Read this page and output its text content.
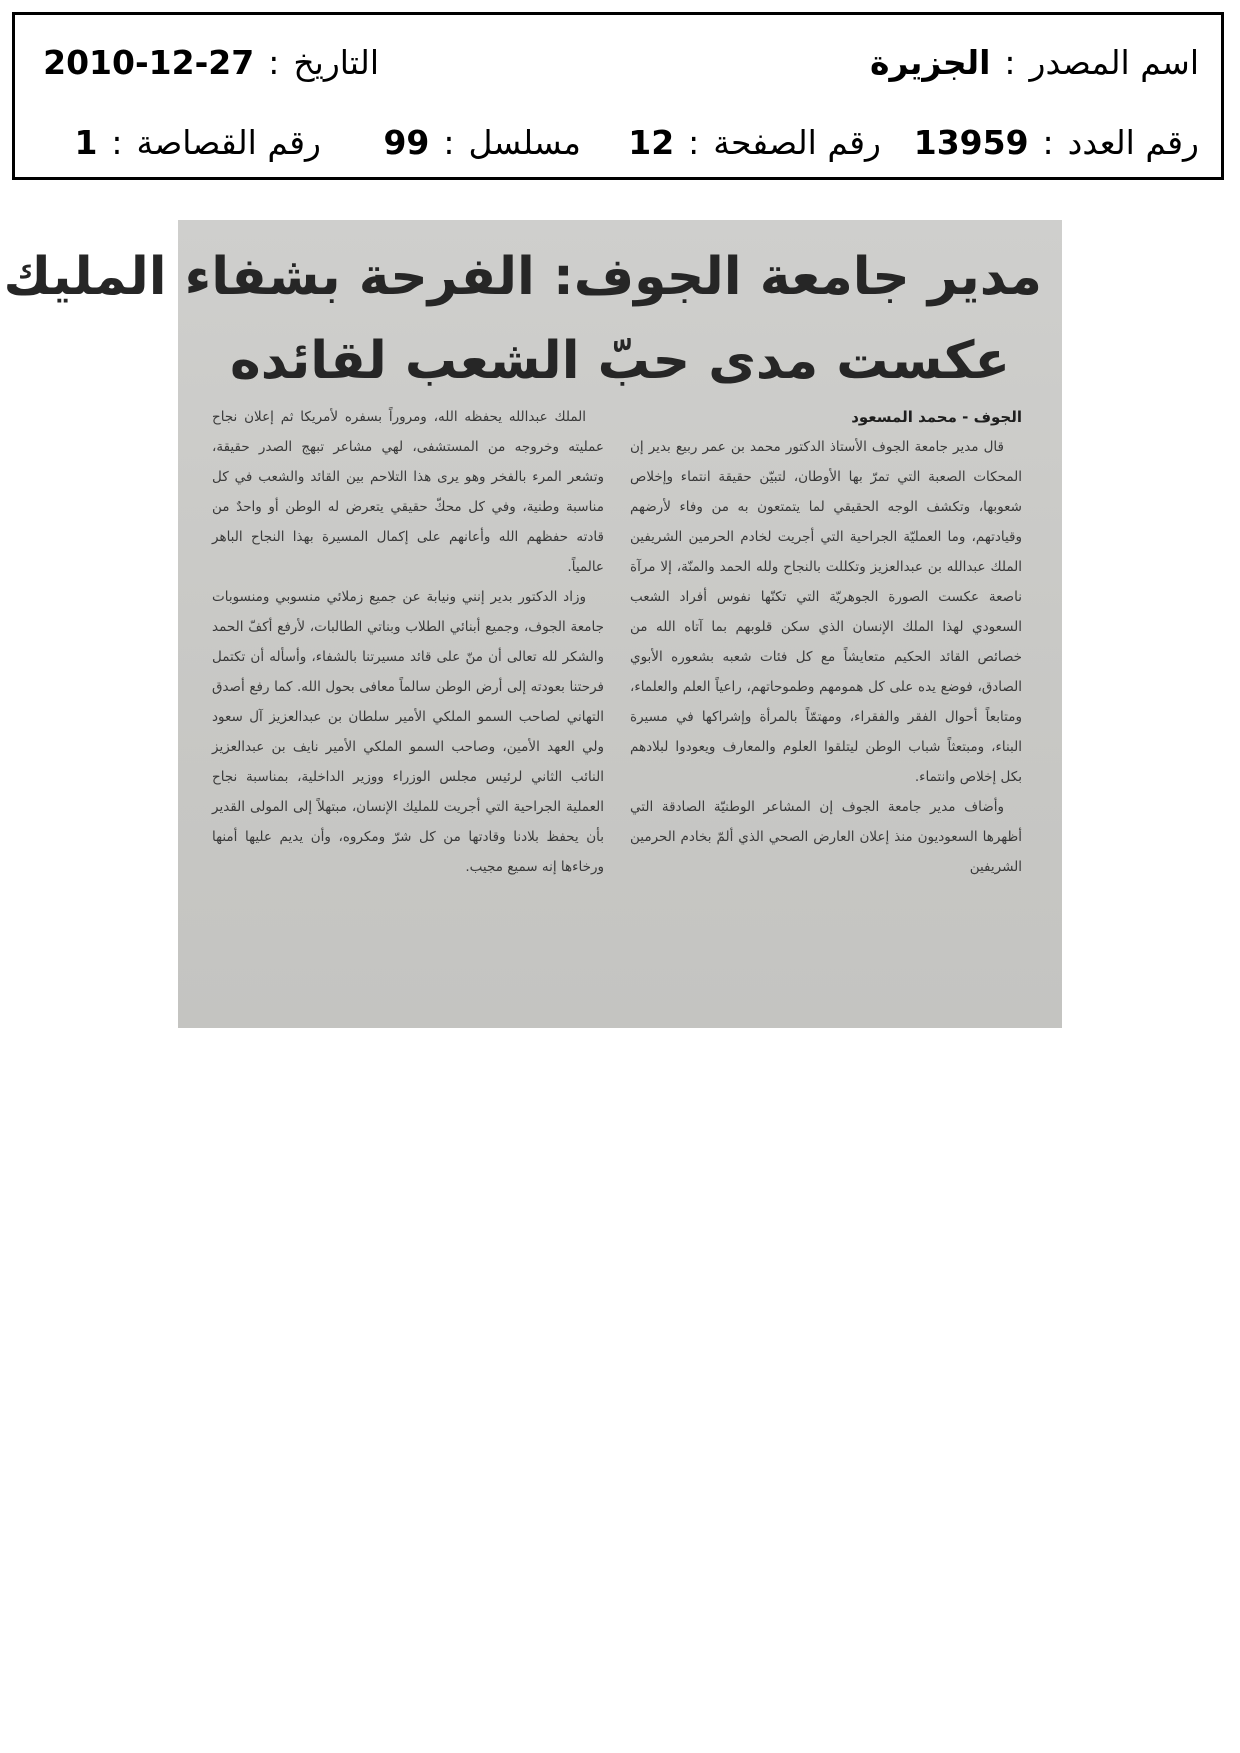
اسم المصدر:الجزيرة
التاريخ:2010-12-27
رقم العدد:13959
رقم الصفحة:12
مسلسل:99
رقم القصاصة:1
مدير جامعة الجوف: الفرحة بشفاء المليك
عكست مدى حبّ الشعب لقائده
الجوف - محمد المسعود

قال مدير جامعة الجوف الأستاذ الدكتور محمد بن عمر ربيع بدير إن المحكات الصعبة التي تمرّ بها الأوطان، لتبيّن حقيقة انتماء وإخلاص شعوبها، وتكشف الوجه الحقيقي لما يتمتعون به من وفاء لأرضهم وقيادتهم، وما العمليّة الجراحية التي أجريت لخادم الحرمين الشريفين الملك عبدالله بن عبدالعزيز وتكللت بالنجاح ولله الحمد والمنّة، إلا مرآة ناصعة عكست الصورة الجوهريّة التي تكنّها نفوس أفراد الشعب السعودي لهذا الملك الإنسان الذي سكن قلوبهم بما آتاه الله من خصائص القائد الحكيم متعايشاً مع كل فئات شعبه بشعوره الأبوي الصادق، فوضع يده على كل همومهم وطموحاتهم، راعياً العلم والعلماء، ومتابعاً أحوال الفقر والفقراء، ومهتمّاً بالمرأة وإشراكها في مسيرة البناء، ومبتعثاً شباب الوطن ليتلقوا العلوم والمعارف ويعودوا لبلادهم بكل إخلاص وانتماء.

وأضاف مدير جامعة الجوف إن المشاعر الوطنيّة الصادقة التي أظهرها السعوديون منذ إعلان العارض الصحي الذي ألمّ بخادم الحرمين الشريفين

الملك عبدالله يحفظه الله، ومروراً بسفره لأمريكا ثم إعلان نجاح عمليته وخروجه من المستشفى، لهي مشاعر تبهج الصدر حقيقة، وتشعر المرء بالفخر وهو يرى هذا التلاحم بين القائد والشعب في كل مناسبة وطنية، وفي كل محكّ حقيقي يتعرض له الوطن أو واحدٌ من قادته حفظهم الله وأعانهم على إكمال المسيرة بهذا النجاح الباهر عالمياً.

وزاد الدكتور بدير إنني ونيابة عن جميع زملائي منسوبي ومنسوبات جامعة الجوف، وجميع أبنائي الطلاب وبناتي الطالبات، لأرفع أكفّ الحمد والشكر لله تعالى أن منّ على قائد مسيرتنا بالشفاء، وأسأله أن تكتمل فرحتنا بعودته إلى أرض الوطن سالماً معافى بحول الله. كما رفع أصدق التهاني لصاحب السمو الملكي الأمير سلطان بن عبدالعزيز آل سعود ولي العهد الأمين، وصاحب السمو الملكي الأمير نايف بن عبدالعزيز النائب الثاني لرئيس مجلس الوزراء ووزير الداخلية، بمناسبة نجاح العملية الجراحية التي أجريت للمليك الإنسان، مبتهلاً إلى المولى القدير بأن يحفظ بلادنا وقادتها من كل شرّ ومكروه، وأن يديم عليها أمنها ورخاءها إنه سميع مجيب.
